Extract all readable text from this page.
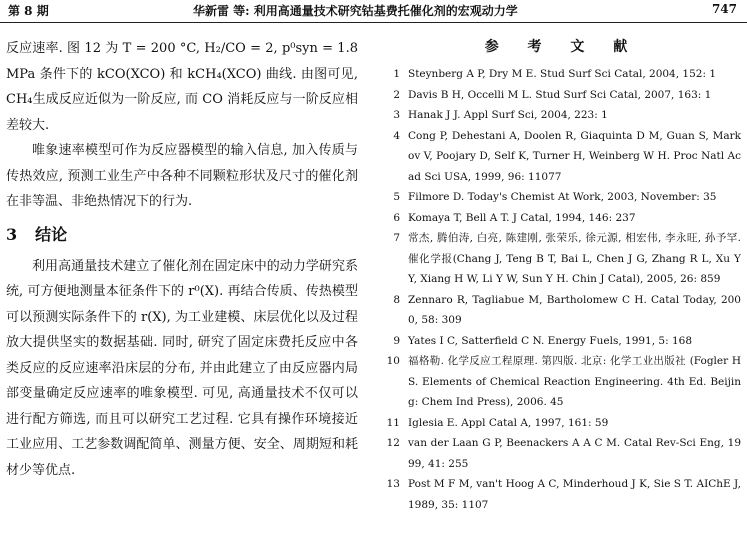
第 8 期	华新雷 等: 利用高通量技术研究钴基费托催化剂的宏观动力学	747

反应速率. 图 12 为 T = 200 °C, H₂/CO = 2, p⁰syn = 1.8 MPa 条件下的 kCO(XCO) 和 kCH₄(XCO) 曲线. 由图可见, CH₄生成反应近似为一阶反应, 而 CO 消耗反应与一阶反应相差较大.

唯象速率模型可作为反应器模型的输入信息, 加入传质与传热效应, 预测工业生产中各种不同颗粒形状及尺寸的催化剂在非等温、非绝热情况下的行为.

3 结论

利用高通量技术建立了催化剂在固定床中的动力学研究系统, 可方便地测量本征条件下的 r⁰(X). 再结合传质、传热模型可以预测实际条件下的 r(X), 为工业建模、床层优化以及过程放大提供坚实的数据基础. 同时, 研究了固定床费托反应中各类反应的反应速率沿床层的分布, 并由此建立了由反应器内局部变量确定反应速率的唯象模型. 可见, 高通量技术不仅可以进行配方筛选, 而且可以研究工艺过程. 它具有操作环境接近工业应用、工艺参数调配简单、测量方便、安全、周期短和耗材少等优点.

参 考 文 献
1 Steynberg A P, Dry M E. Stud Surf Sci Catal, 2004, 152: 1
2 Davis B H, Occelli M L. Stud Surf Sci Catal, 2007, 163: 1
3 Hanak J J. Appl Surf Sci, 2004, 223: 1
4 Cong P, Dehestani A, Doolen R, Giaquinta D M, Guan S, Markov V, Poojary D, Self K, Turner H, Weinberg W H. Proc Natl Acad Sci USA, 1999, 96: 11077
5 Filmore D. Today's Chemist At Work, 2003, November: 35
6 Komaya T, Bell A T. J Catal, 1994, 146: 237
7 常杰, 腾伯涛, 白亮, 陈建刚, 张荣乐, 徐元源, 相宏伟, 李永旺, 孙予罕. 催化学报(Chang J, Teng B T, Bai L, Chen J G, Zhang R L, Xu Y Y, Xiang H W, Li Y W, Sun Y H. Chin J Catal), 2005, 26: 859
8 Zennaro R, Tagliabue M, Bartholomew C H. Catal Today, 2000, 58: 309
9 Yates I C, Satterfield C N. Energy Fuels, 1991, 5: 168
10 福格勒. 化学反应工程原理. 第四版. 北京: 化学工业出版社 (Fogler H S. Elements of Chemical Reaction Engineering. 4th Ed. Beijing: Chem Ind Press), 2006. 45
11 Iglesia E. Appl Catal A, 1997, 161: 59
12 van der Laan G P, Beenackers A A C M. Catal Rev-Sci Eng, 1999, 41: 255
13 Post M F M, van't Hoog A C, Minderhoud J K, Sie S T. AIChE J, 1989, 35: 1107
